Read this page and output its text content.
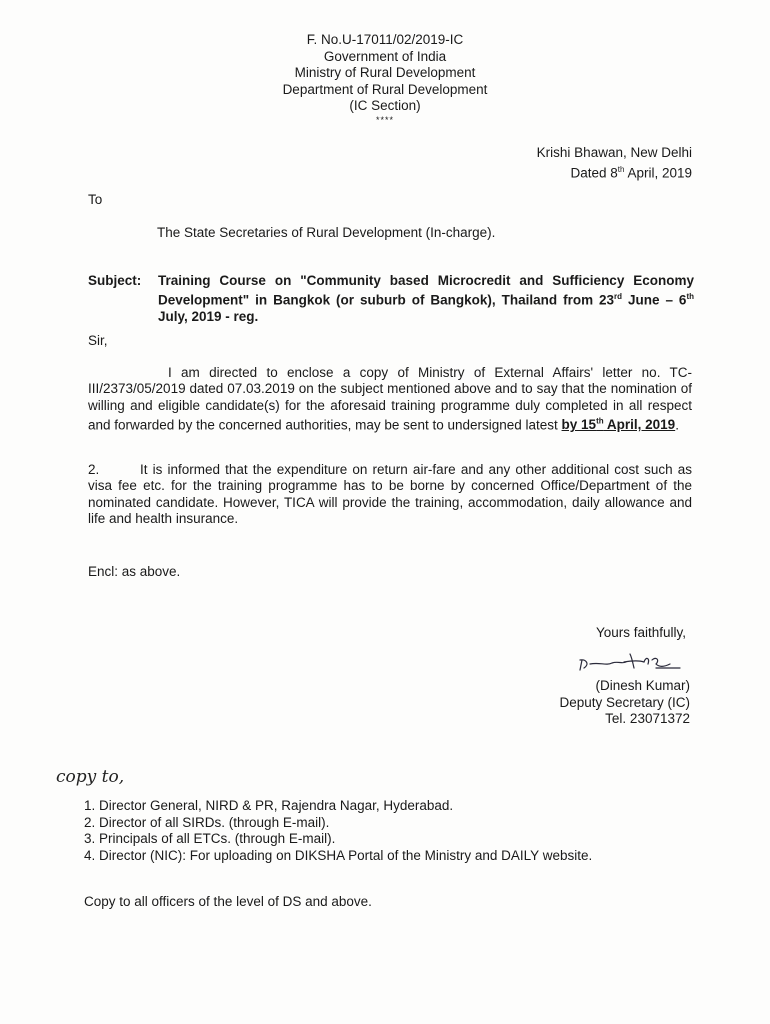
F. No.U-17011/02/2019-IC
Government of India
Ministry of Rural Development
Department of Rural Development
(IC Section)
****
Krishi Bhawan, New Delhi
Dated 8th April, 2019
To
The State Secretaries of Rural Development (In-charge).
Subject: Training Course on "Community based Microcredit and Sufficiency Economy Development" in Bangkok (or suburb of Bangkok), Thailand from 23rd June – 6th July, 2019 - reg.
Sir,
I am directed to enclose a copy of Ministry of External Affairs' letter no. TC-III/2373/05/2019 dated 07.03.2019 on the subject mentioned above and to say that the nomination of willing and eligible candidate(s) for the aforesaid training programme duly completed in all respect and forwarded by the concerned authorities, may be sent to undersigned latest by 15th April, 2019.
2.	It is informed that the expenditure on return air-fare and any other additional cost such as visa fee etc. for the training programme has to be borne by concerned Office/Department of the nominated candidate. However, TICA will provide the training, accommodation, daily allowance and life and health insurance.
Encl: as above.
Yours faithfully,
(Dinesh Kumar)
Deputy Secretary (IC)
Tel. 23071372
copy to,
1. Director General, NIRD & PR, Rajendra Nagar, Hyderabad.
2. Director of all SIRDs. (through E-mail).
3. Principals of all ETCs. (through E-mail).
4. Director (NIC): For uploading on DIKSHA Portal of the Ministry and DAILY website.
Copy to all officers of the level of DS and above.
